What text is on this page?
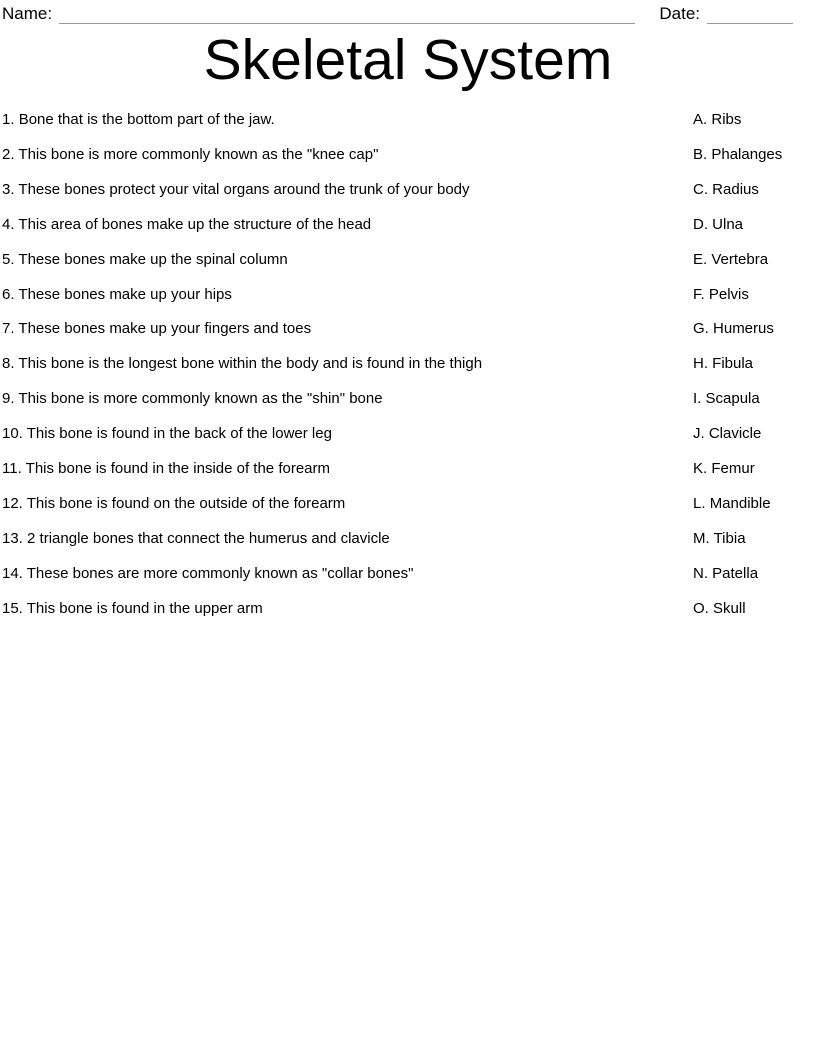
Name:	Date:
Skeletal System
1. Bone that is the bottom part of the jaw.
2. This bone is more commonly known as the "knee cap"
3. These bones protect your vital organs around the trunk of your body
4. This area of bones make up the structure of the head
5. These bones make up the spinal column
6. These bones make up your hips
7. These bones make up your fingers and toes
8. This bone is the longest bone within the body and is found in the thigh
9. This bone is more commonly known as the "shin" bone
10. This bone is found in the back of the lower leg
11. This bone is found in the inside of the forearm
12. This bone is found on the outside of the forearm
13. 2 triangle bones that connect the humerus and clavicle
14. These bones are more commonly known as "collar bones"
15. This bone is found in the upper arm
A. Ribs
B. Phalanges
C. Radius
D. Ulna
E. Vertebra
F. Pelvis
G. Humerus
H. Fibula
I. Scapula
J. Clavicle
K. Femur
L. Mandible
M. Tibia
N. Patella
O. Skull
